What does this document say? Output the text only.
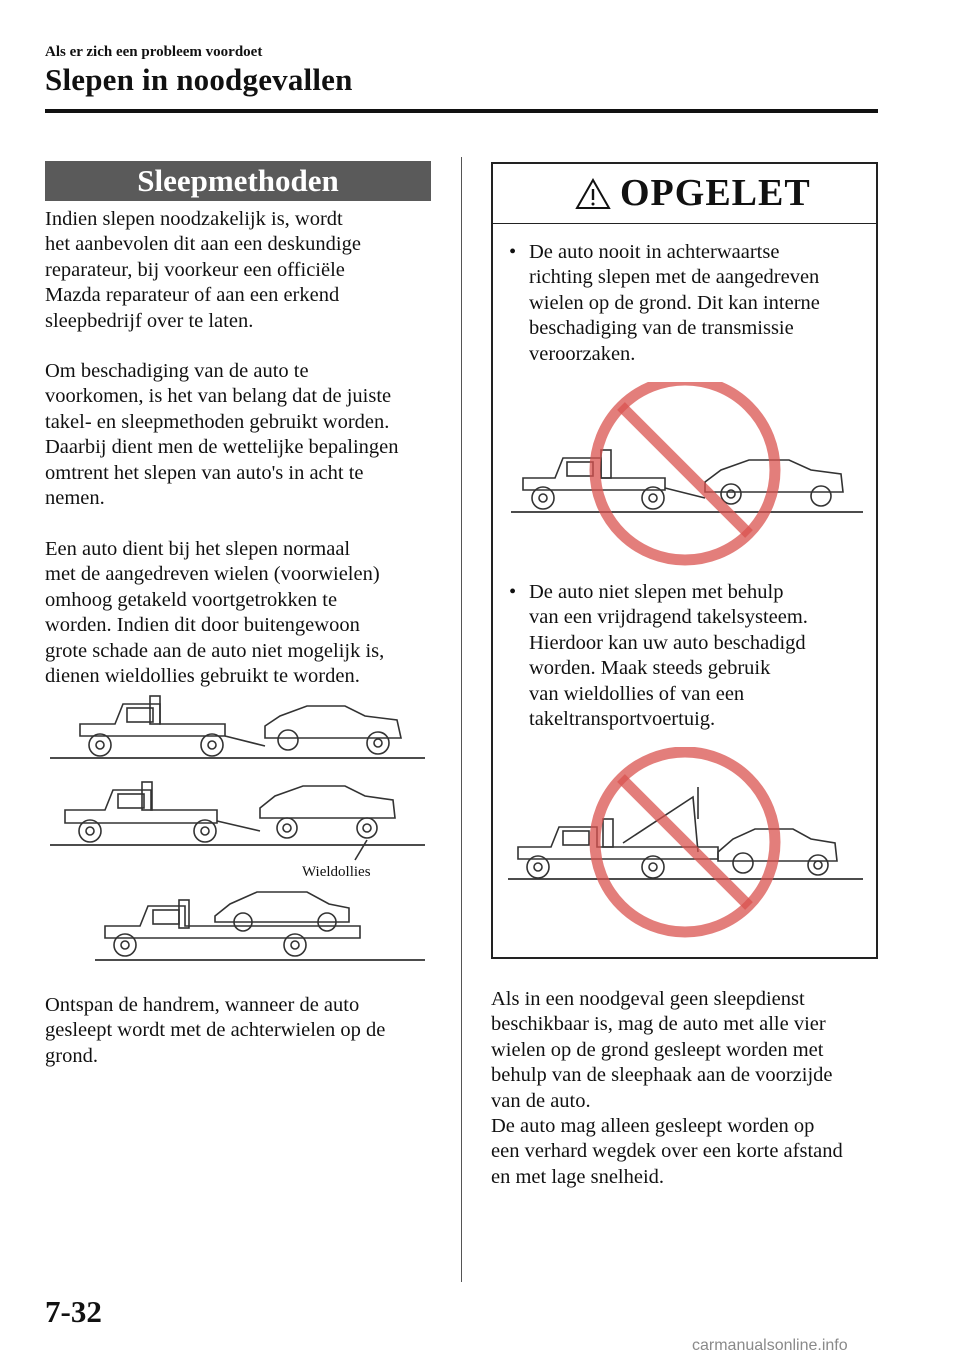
Als er zich een probleem voordoet
Slepen in noodgevallen
Sleepmethoden
Indien slepen noodzakelijk is, wordt
het aanbevolen dit aan een deskundige
reparateur, bij voorkeur een officiële
Mazda reparateur of aan een erkend
sleepbedrijf over te laten.
Om beschadiging van de auto te
voorkomen, is het van belang dat de juiste
takel- en sleepmethoden gebruikt worden.
Daarbij dient men de wettelijke bepalingen
omtrent het slepen van auto's in acht te
nemen.
Een auto dient bij het slepen normaal
met de aangedreven wielen (voorwielen)
omhoog getakeld voortgetrokken te
worden. Indien dit door buitengewoon
grote schade aan de auto niet mogelijk is,
dienen wieldollies gebruikt te worden.
Wieldollies
Ontspan de handrem, wanneer de auto
gesleept wordt met de achterwielen op de
grond.
OPGELET

• De auto nooit in achterwaartse
richting slepen met de aangedreven
wielen op de grond. Dit kan interne
beschadiging van de transmissie
veroorzaken.

• De auto niet slepen met behulp
van een vrijdragend takelsysteem.
Hierdoor kan uw auto beschadigd
worden. Maak steeds gebruik
van wieldollies of van een
takeltransportvoertuig.

Als in een noodgeval geen sleepdienst
beschikbaar is, mag de auto met alle vier
wielen op de grond gesleept worden met
behulp van de sleephaak aan de voorzijde
van de auto.
De auto mag alleen gesleept worden op
een verhard wegdek over een korte afstand
en met lage snelheid.
7-32
carmanualsonline.info
